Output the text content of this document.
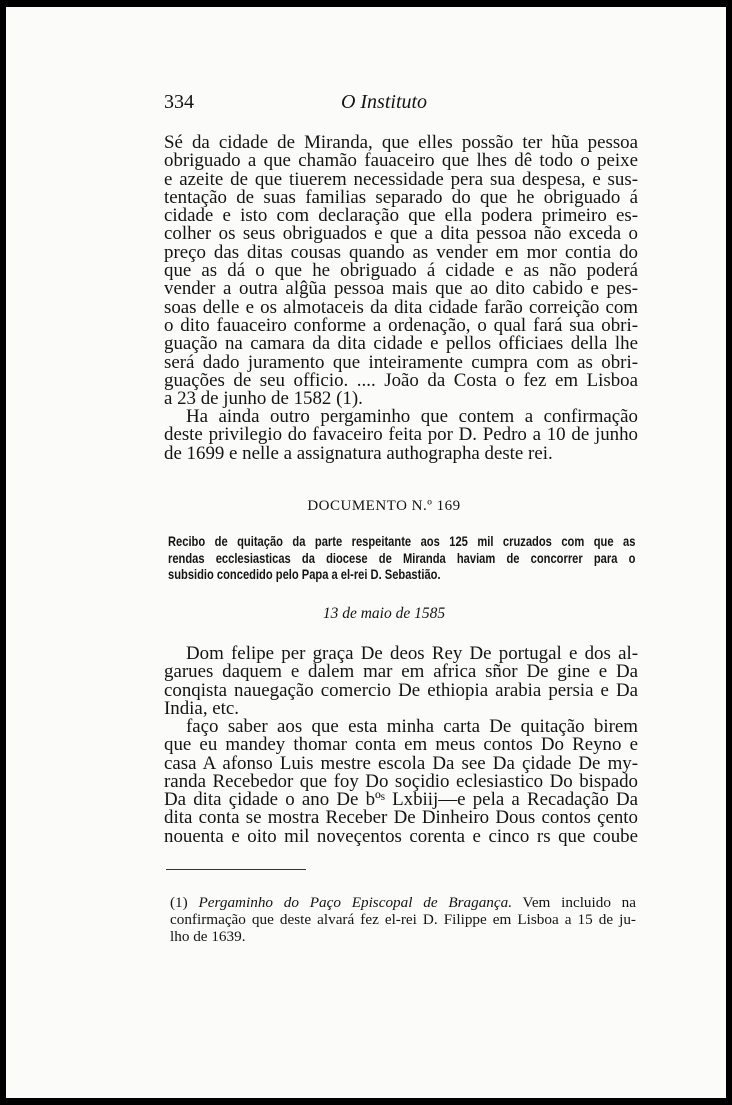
334	O Instituto
Sé da cidade de Miranda, que elles possão ter hũa pessoa
obriguado a que chamão fauaceiro que lhes dê todo o peixe
e azeite de que tiuerem necessidade pera sua despesa, e sus-
tentação de suas familias separado do que he obriguado á
cidade e isto com declaração que ella podera primeiro es-
colher os seus obriguados e que a dita pessoa não exceda o
preço das ditas cousas quando as vender em mor contia do
que as dá o que he obriguado á cidade e as não poderá
vender a outra alĝũa pessoa mais que ao dito cabido e pes-
soas delle e os almotaceis da dita cidade farão correição com
o dito fauaceiro conforme a ordenação, o qual fará sua obri-
guação na camara da dita cidade e pellos officiaes della lhe
será dado juramento que inteiramente cumpra com as obri-
guações de seu officio. .... João da Costa o fez em Lisboa
a 23 de junho de 1582 (1).
Ha ainda outro pergaminho que contem a confirmação
deste privilegio do favaceiro feita por D. Pedro a 10 de junho
de 1699 e nelle a assignatura authographa deste rei.
DOCUMENTO N.º 169
Recibo de quitação da parte respeitante aos 125 mil cruzados com que as
rendas ecclesiasticas da diocese de Miranda haviam de concorrer para o
subsidio concedido pelo Papa a el-rei D. Sebastião.
13 de maio de 1585
Dom felipe per graça De deos Rey De portugal e dos al-
garues daquem e dalem mar em africa sñor De gine e Da
conqista nauegação comercio De ethiopia arabia persia e Da
India, etc.
faço saber aos que esta minha carta De quitação birem
que eu mandey thomar conta em meus contos Do Reyno e
casa A afonso Luis mestre escola Da see Da çidade De my-
randa Recebedor que foy Do soçidio eclesiastico Do bispado
Da dita çidade o ano De bºˢ Lxbiij—e pela a Recadação Da
dita conta se mostra Receber De Dinheiro Dous contos çento
nouenta e oito mil noveçentos corenta e cinco rs que coube
(1) Pergaminho do Paço Episcopal de Bragança. Vem incluido na
confirmação que deste alvará fez el-rei D. Filippe em Lisboa a 15 de ju-
lho de 1639.
